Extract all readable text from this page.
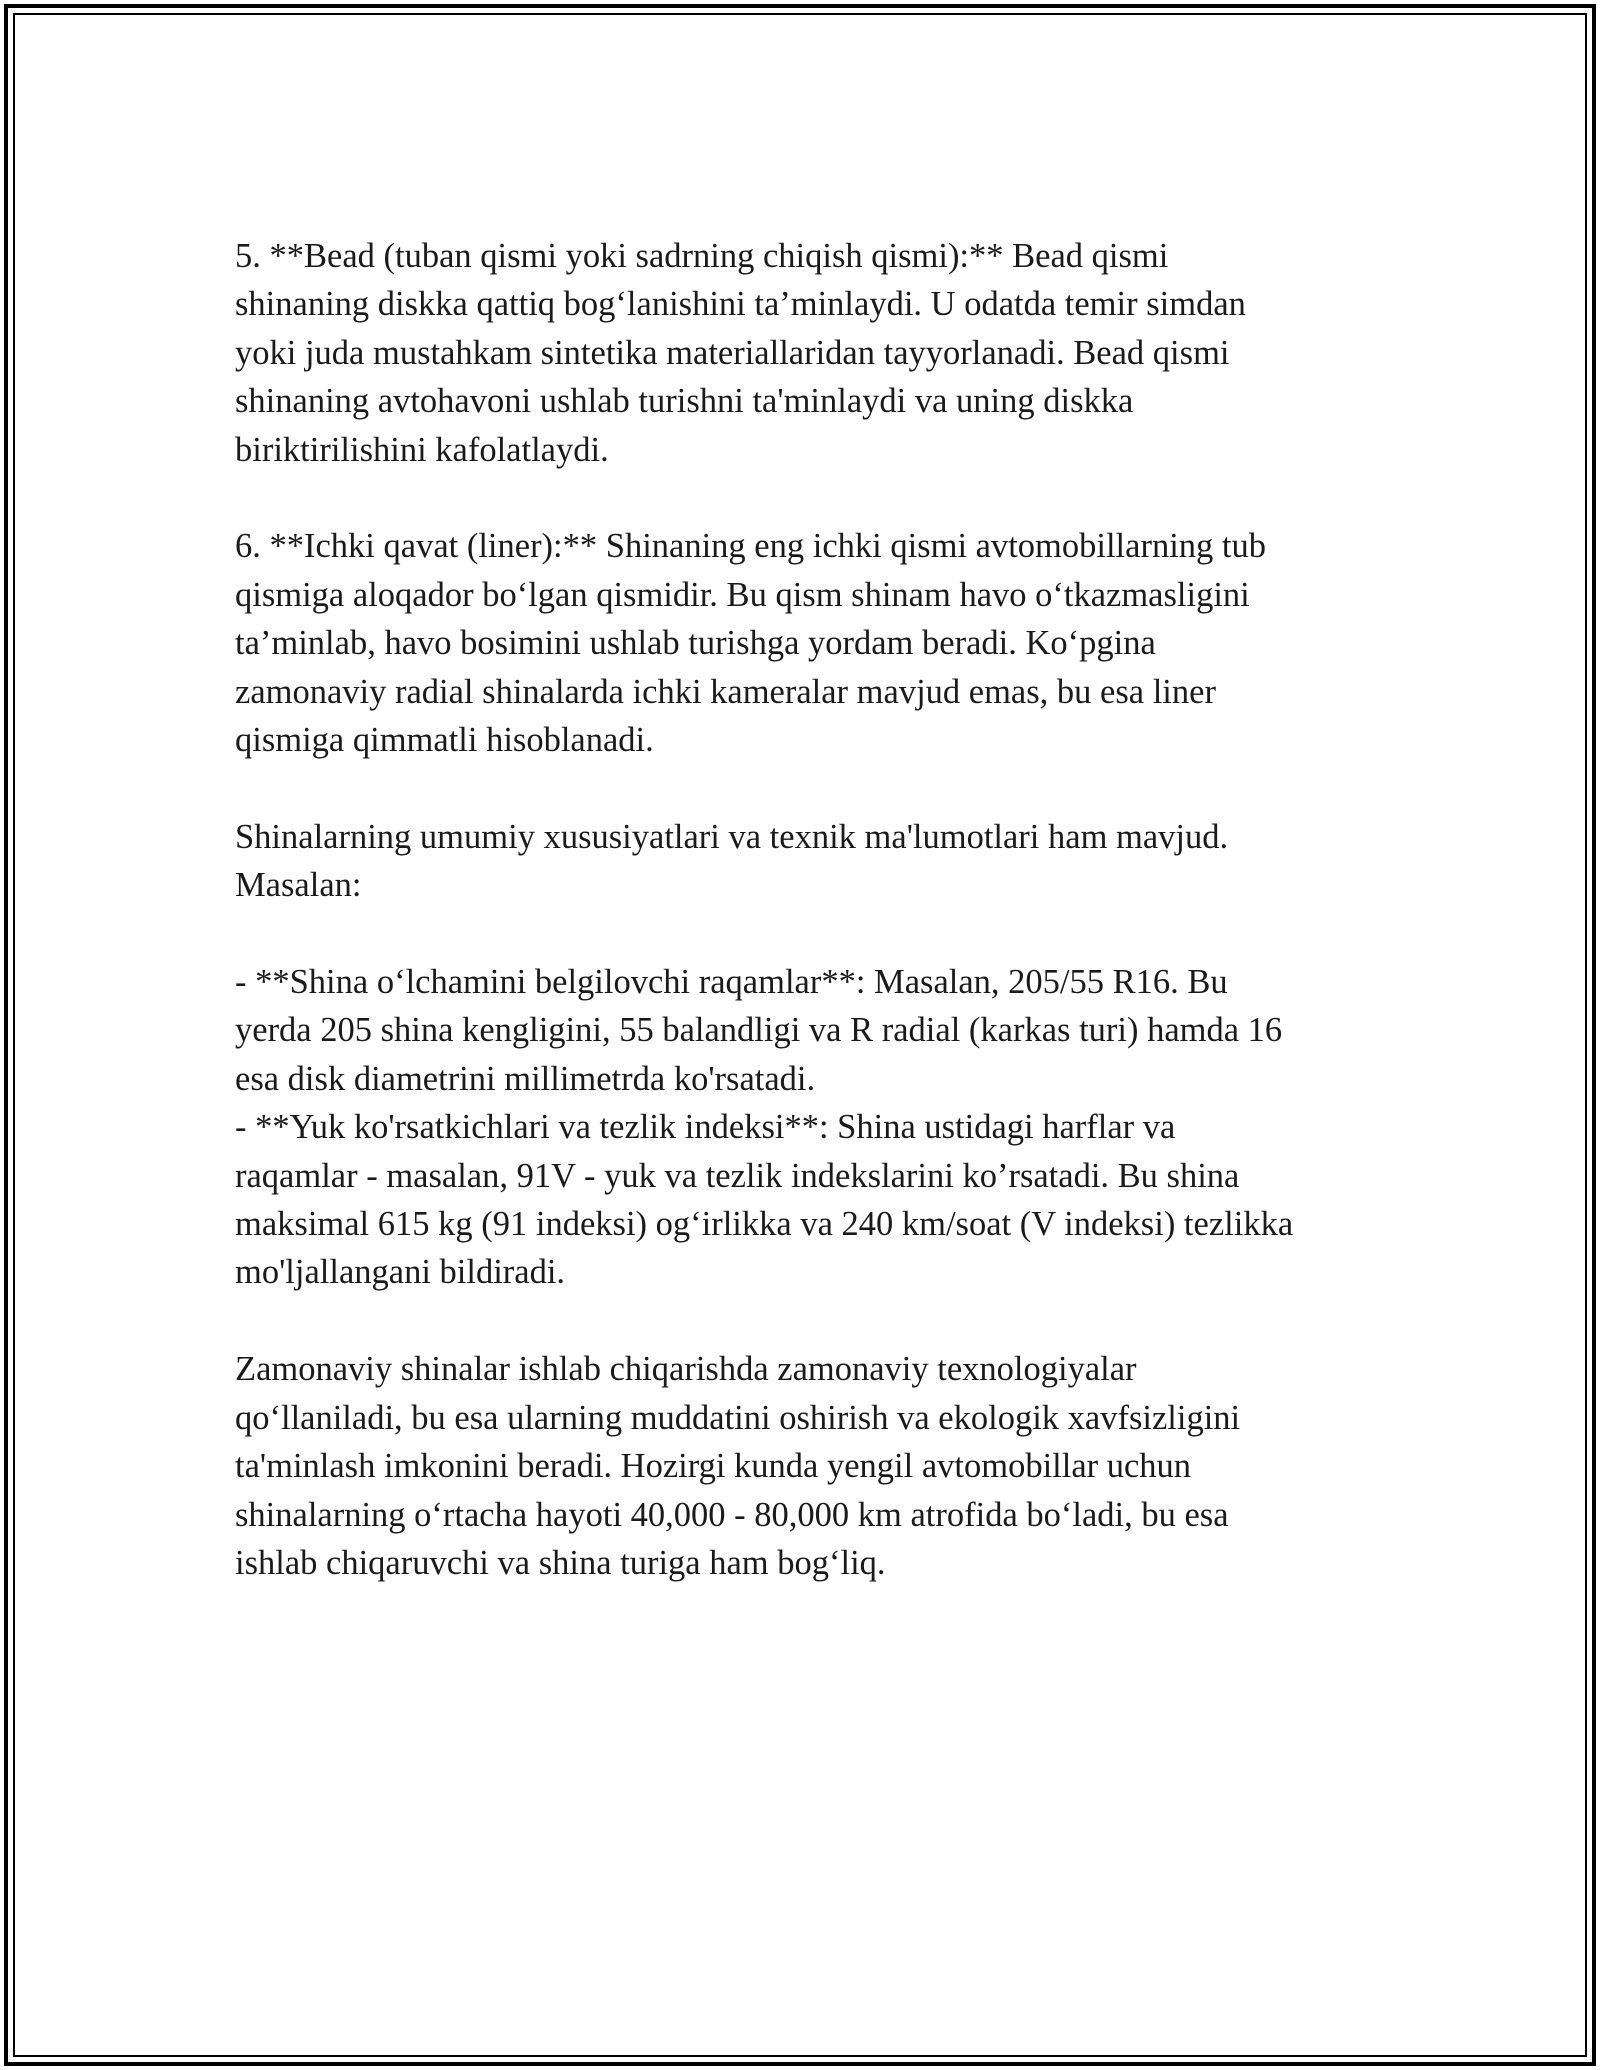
5. **Bead (tuban qismi yoki sadrning chiqish qismi):** Bead qismi
shinaning diskka qattiq bog‘lanishini ta’minlaydi. U odatda temir simdan
yoki juda mustahkam sintetika materiallaridan tayyorlanadi. Bead qismi
shinaning avtohavoni ushlab turishni ta'minlaydi va uning diskka
biriktirilishini kafolatlaydi.

6. **Ichki qavat (liner):** Shinaning eng ichki qismi avtomobillarning tub
qismiga aloqador bo‘lgan qismidir. Bu qism shinam havo o‘tkazmasligini
ta’minlab, havo bosimini ushlab turishga yordam beradi. Ko‘pgina
zamonaviy radial shinalarda ichki kameralar mavjud emas, bu esa liner
qismiga qimmatli hisoblanadi.

Shinalarning umumiy xususiyatlari va texnik ma'lumotlari ham mavjud.
Masalan:

- **Shina o‘lchamini belgilovchi raqamlar**: Masalan, 205/55 R16. Bu
yerda 205 shina kengligini, 55 balandligi va R radial (karkas turi) hamda 16
esa disk diametrini millimetrda ko'rsatadi.
- **Yuk ko'rsatkichlari va tezlik indeksi**: Shina ustidagi harflar va
raqamlar - masalan, 91V - yuk va tezlik indekslarini ko’rsatadi. Bu shina
maksimal 615 kg (91 indeksi) og‘irlikka va 240 km/soat (V indeksi) tezlikka
mo'ljallangani bildiradi.

Zamonaviy shinalar ishlab chiqarishda zamonaviy texnologiyalar
qo‘llaniladi, bu esa ularning muddatini oshirish va ekologik xavfsizligini
ta'minlash imkonini beradi. Hozirgi kunda yengil avtomobillar uchun
shinalarning o‘rtacha hayoti 40,000 - 80,000 km atrofida bo‘ladi, bu esa
ishlab chiqaruvchi va shina turiga ham bog‘liq.
